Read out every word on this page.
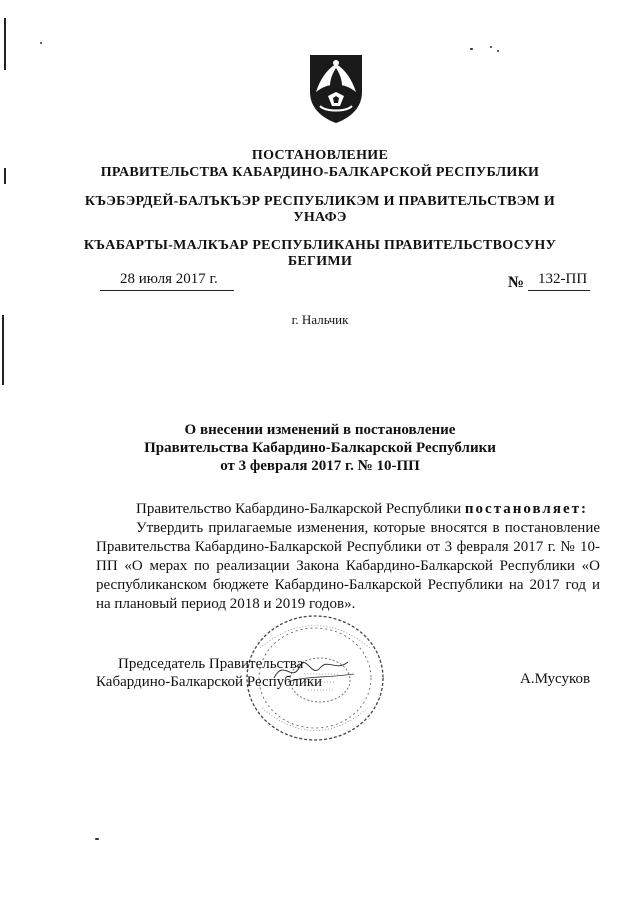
ПОСТАНОВЛЕНИЕ
ПРАВИТЕЛЬСТВА КАБАРДИНО-БАЛКАРСКОЙ РЕСПУБЛИКИ
КЪЭБЭРДЕЙ-БАЛЪКЪЭР РЕСПУБЛИКЭМ И ПРАВИТЕЛЬСТВЭМ И
УНАФЭ
КЪАБАРТЫ-МАЛКЪАР РЕСПУБЛИКАНЫ ПРАВИТЕЛЬСТВОСУНУ
БЕГИМИ
28 июля 2017 г.	№ 132-ПП
г. Нальчик
О внесении изменений в постановление
Правительства Кабардино-Балкарской Республики
от 3 февраля 2017 г. № 10-ПП
Правительство Кабардино-Балкарской Республики постановляет:
Утвердить прилагаемые изменения, которые вносятся в постановление Правительства Кабардино-Балкарской Республики от 3 февраля 2017 г. № 10-ПП «О мерах по реализации Закона Кабардино-Балкарской Республики «О республиканском бюджете Кабардино-Балкарской Республики на 2017 год и на плановый период 2018 и 2019 годов».
Председатель Правительства
Кабардино-Балкарской Республики	А.Мусуков
